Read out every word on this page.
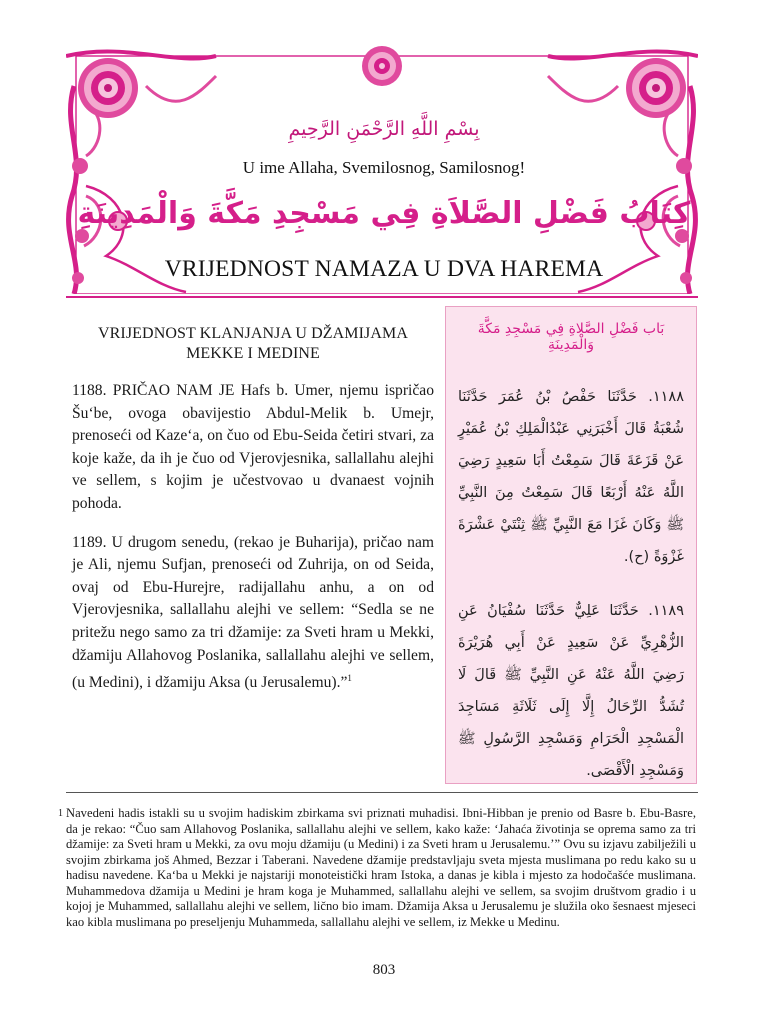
بِسْمِ اللَّهِ الرَّحْمَنِ الرَّحِيمِ
U ime Allaha, Svemilosnog, Samilosnog!
كِتَابُ فَضْلِ الصَّلاَةِ فِي مَسْجِدِ مَكَّةَ وَالْمَدِينَةِ
VRIJEDNOST NAMAZA U DVA HAREMA
VRIJEDNOST KLANJANJA U DŽAMIJAMA MEKKE I MEDINE

1188. PRIČAO NAM JE Hafs b. Umer, njemu ispričao Šu‘be, ovoga obavijestio Abdul-Melik b. Umejr, prenoseći od Kaze‘a, on čuo od Ebu-Seida četiri stvari, za koje kaže, da ih je čuo od Vjerovjesnika, sallallahu alejhi ve sellem, s kojim je učestvovao u dvanaest vojnih pohoda.

1189. U drugom senedu, (rekao je Buharija), pričao nam je Ali, njemu Sufjan, prenoseći od Zuhrija, on od Seida, ovaj od Ebu-Hurejre, radijallahu anhu, a on od Vjerovjesnika, sallallahu alejhi ve sellem: “Sedla se ne pritežu nego samo za tri džamije: za Sveti hram u Mekki, džamiju Allahovog Poslanika, sallallahu alejhi ve sellem, (u Medini), i džamiju Aksa (u Jerusalemu).”$^1$

بَاب فَضْلِ الصَّلاةِ فِي مَسْجِدِ مَكَّةَ وَالْمَدِينَةِ
١١٨٨. حَدَّثَنَا حَفْصُ بْنُ عُمَرَ حَدَّثَنَا شُعْبَةُ قَالَ أَخْبَرَنِي عَبْدُالْمَلِكِ بْنُ عُمَيْرٍ عَنْ قَزَعَةَ قَالَ سَمِعْتُ أَبَا سَعِيدٍ رَضِيَ اللَّهُ عَنْهُ أَرْبَعًا قَالَ سَمِعْتُ مِنَ النَّبِيِّ ﷺ وَكَانَ غَزَا مَعَ النَّبِيِّ ﷺ ثِنْتَيْ عَشْرَةَ غَزْوَةً (ح).
١١٨٩. حَدَّثَنَا عَلِيٌّ حَدَّثَنَا سُفْيَانُ عَنِ الزُّهْرِيِّ عَنْ سَعِيدٍ عَنْ أَبِي هُرَيْرَةَ رَضِيَ اللَّهُ عَنْهُ عَنِ النَّبِيِّ ﷺ قَالَ لَا تُشَدُّ الرِّحَالُ إِلَّا إِلَى ثَلَاثَةِ مَسَاجِدَ الْمَسْجِدِ الْحَرَامِ وَمَسْجِدِ الرَّسُولِ ﷺ وَمَسْجِدِ الْأَقْصَى.
1 Navedeni hadis istakli su u svojim hadiskim zbirkama svi priznati muhadisi. Ibni-Hibban je prenio od Basre b. Ebu-Basre, da je rekao: “Čuo sam Allahovog Poslanika, sallallahu alejhi ve sellem, kako kaže: ‘Jahaća životinja se oprema samo za tri džamije: za Sveti hram u Mekki, za ovu moju džamiju (u Medini) i za Sveti hram u Jerusalemu.’” Ovu su izjavu zabilježili u svojim zbirkama još Ahmed, Bezzar i Taberani. Navedene džamije predstavljaju sveta mjesta muslimana po redu kako su u hadisu navedene. Ka‘ba u Mekki je najstariji monoteistički hram Istoka, a danas je kibla i mjesto za hodočašće muslimana. Muhammedova džamija u Medini je hram koga je Muhammed, sallallahu alejhi ve sellem, sa svojim društvom gradio i u kojoj je Muhammed, sallallahu alejhi ve sellem, lično bio imam. Džamija Aksa u Jerusalemu je služila oko šesnaest mjeseci kao kibla muslimana po preseljenju Muhammeda, sallallahu alejhi ve sellem, iz Mekke u Medinu.
803
